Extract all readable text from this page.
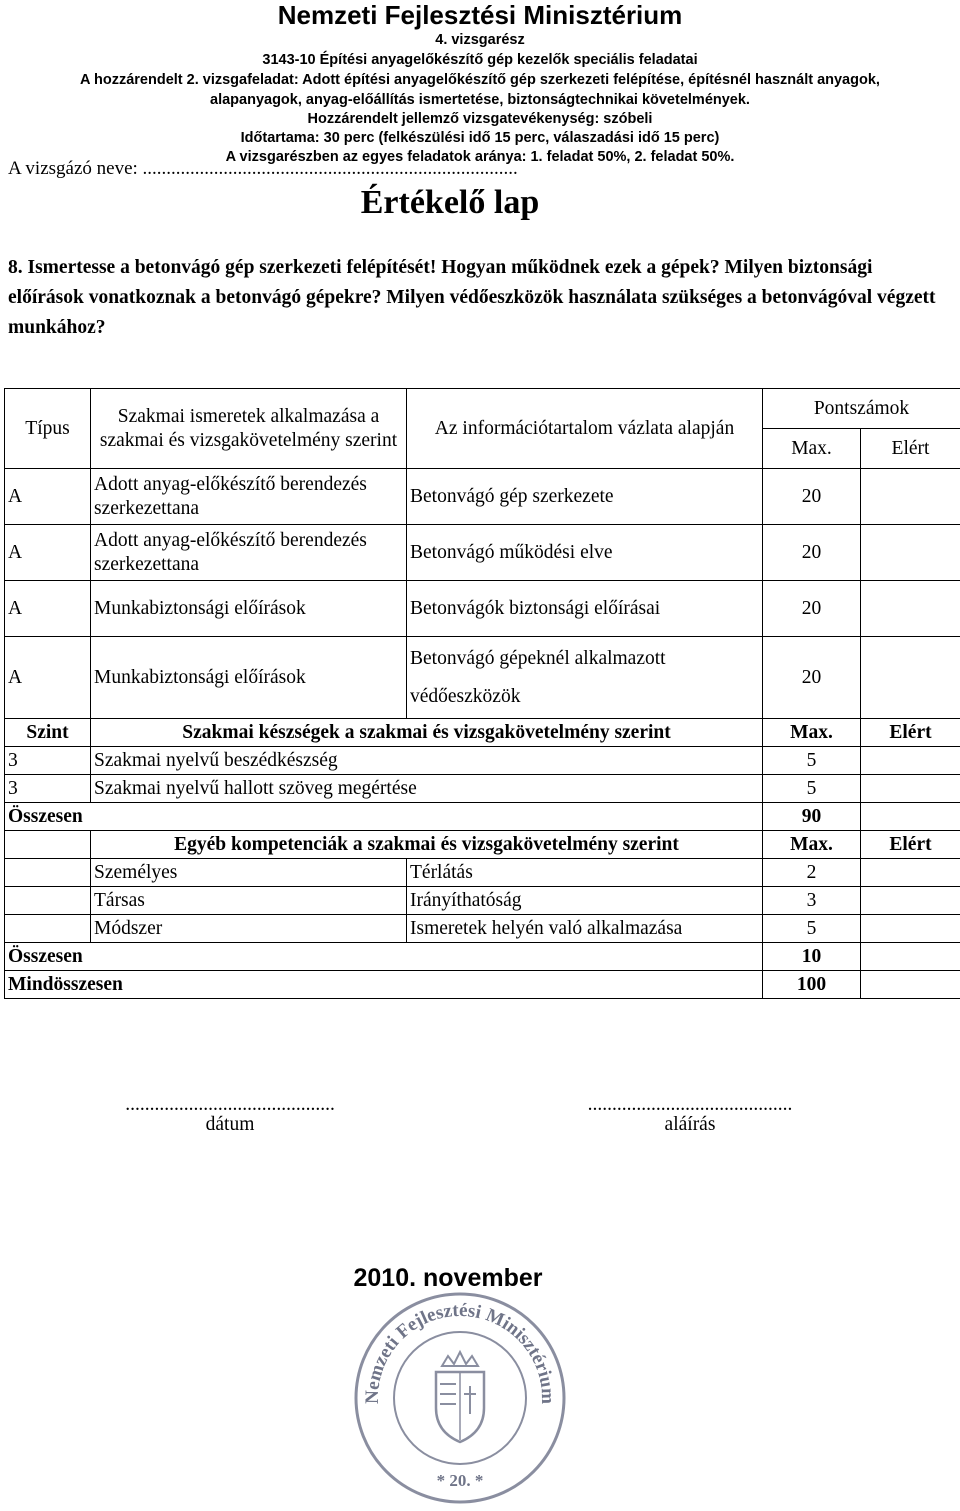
Nemzeti Fejlesztési Minisztérium
4. vizsgarész
3143-10 Építési anyagelőkészítő gép kezelők speciális feladatai
A hozzárendelt 2. vizsgafeladat: Adott építési anyagelőkészítő gép szerkezeti felépítése, építésnél használt anyagok,
alapanyagok, anyag-előállítás ismertetése, biztonságtechnikai követelmények.
Hozzárendelt jellemző vizsgatevékenység: szóbeli
Időtartama: 30 perc (felkészülési idő 15 perc, válaszadási idő 15 perc)
A vizsgarészben az egyes feladatok aránya: 1. feladat 50%, 2. feladat 50%.
A vizsgázó neve: ...............................................................................
Értékelő lap
8. Ismertesse a betonvágó gép szerkezeti felépítését! Hogyan működnek ezek a gépek? Milyen biztonsági előírások vonatkoznak a betonvágó gépekre? Milyen védőeszközök használata szükséges a betonvágóval végzett munkához?
Típus	Szakmai ismeretek alkalmazása a szakmai és vizsgakövetelmény szerint	Az információtartalom vázlata alapján	Pontszámok	
			Max.	Elért
A	Adott anyag-előkészítő berendezés szerkezettana	Betonvágó gép szerkezete	20	
A	Adott anyag-előkészítő berendezés szerkezettana	Betonvágó működési elve	20	
A	Munkabiztonsági előírások	Betonvágók biztonsági előírásai	20	
A	Munkabiztonsági előírások	Betonvágó gépeknél alkalmazott
védőeszközök	20	
Szint	Szakmai készségek a szakmai és vizsgakövetelmény szerint		Max.	Elért
3	Szakmai nyelvű beszédkészség		5	
3	Szakmai nyelvű hallott szöveg megértése		5	
Összesen			90	
	Egyéb kompetenciák a szakmai és vizsgakövetelmény szerint		Max.	Elért
	Személyes	Térlátás	2	
	Társas	Irányíthatóság	3	
	Módszer	Ismeretek helyén való alkalmazása	5	
Összesen			10	
Mindösszesen			100	
...........................................
dátum
..........................................
aláírás
2010. november
Nemzeti Fejlesztési Minisztérium
* 20. *
